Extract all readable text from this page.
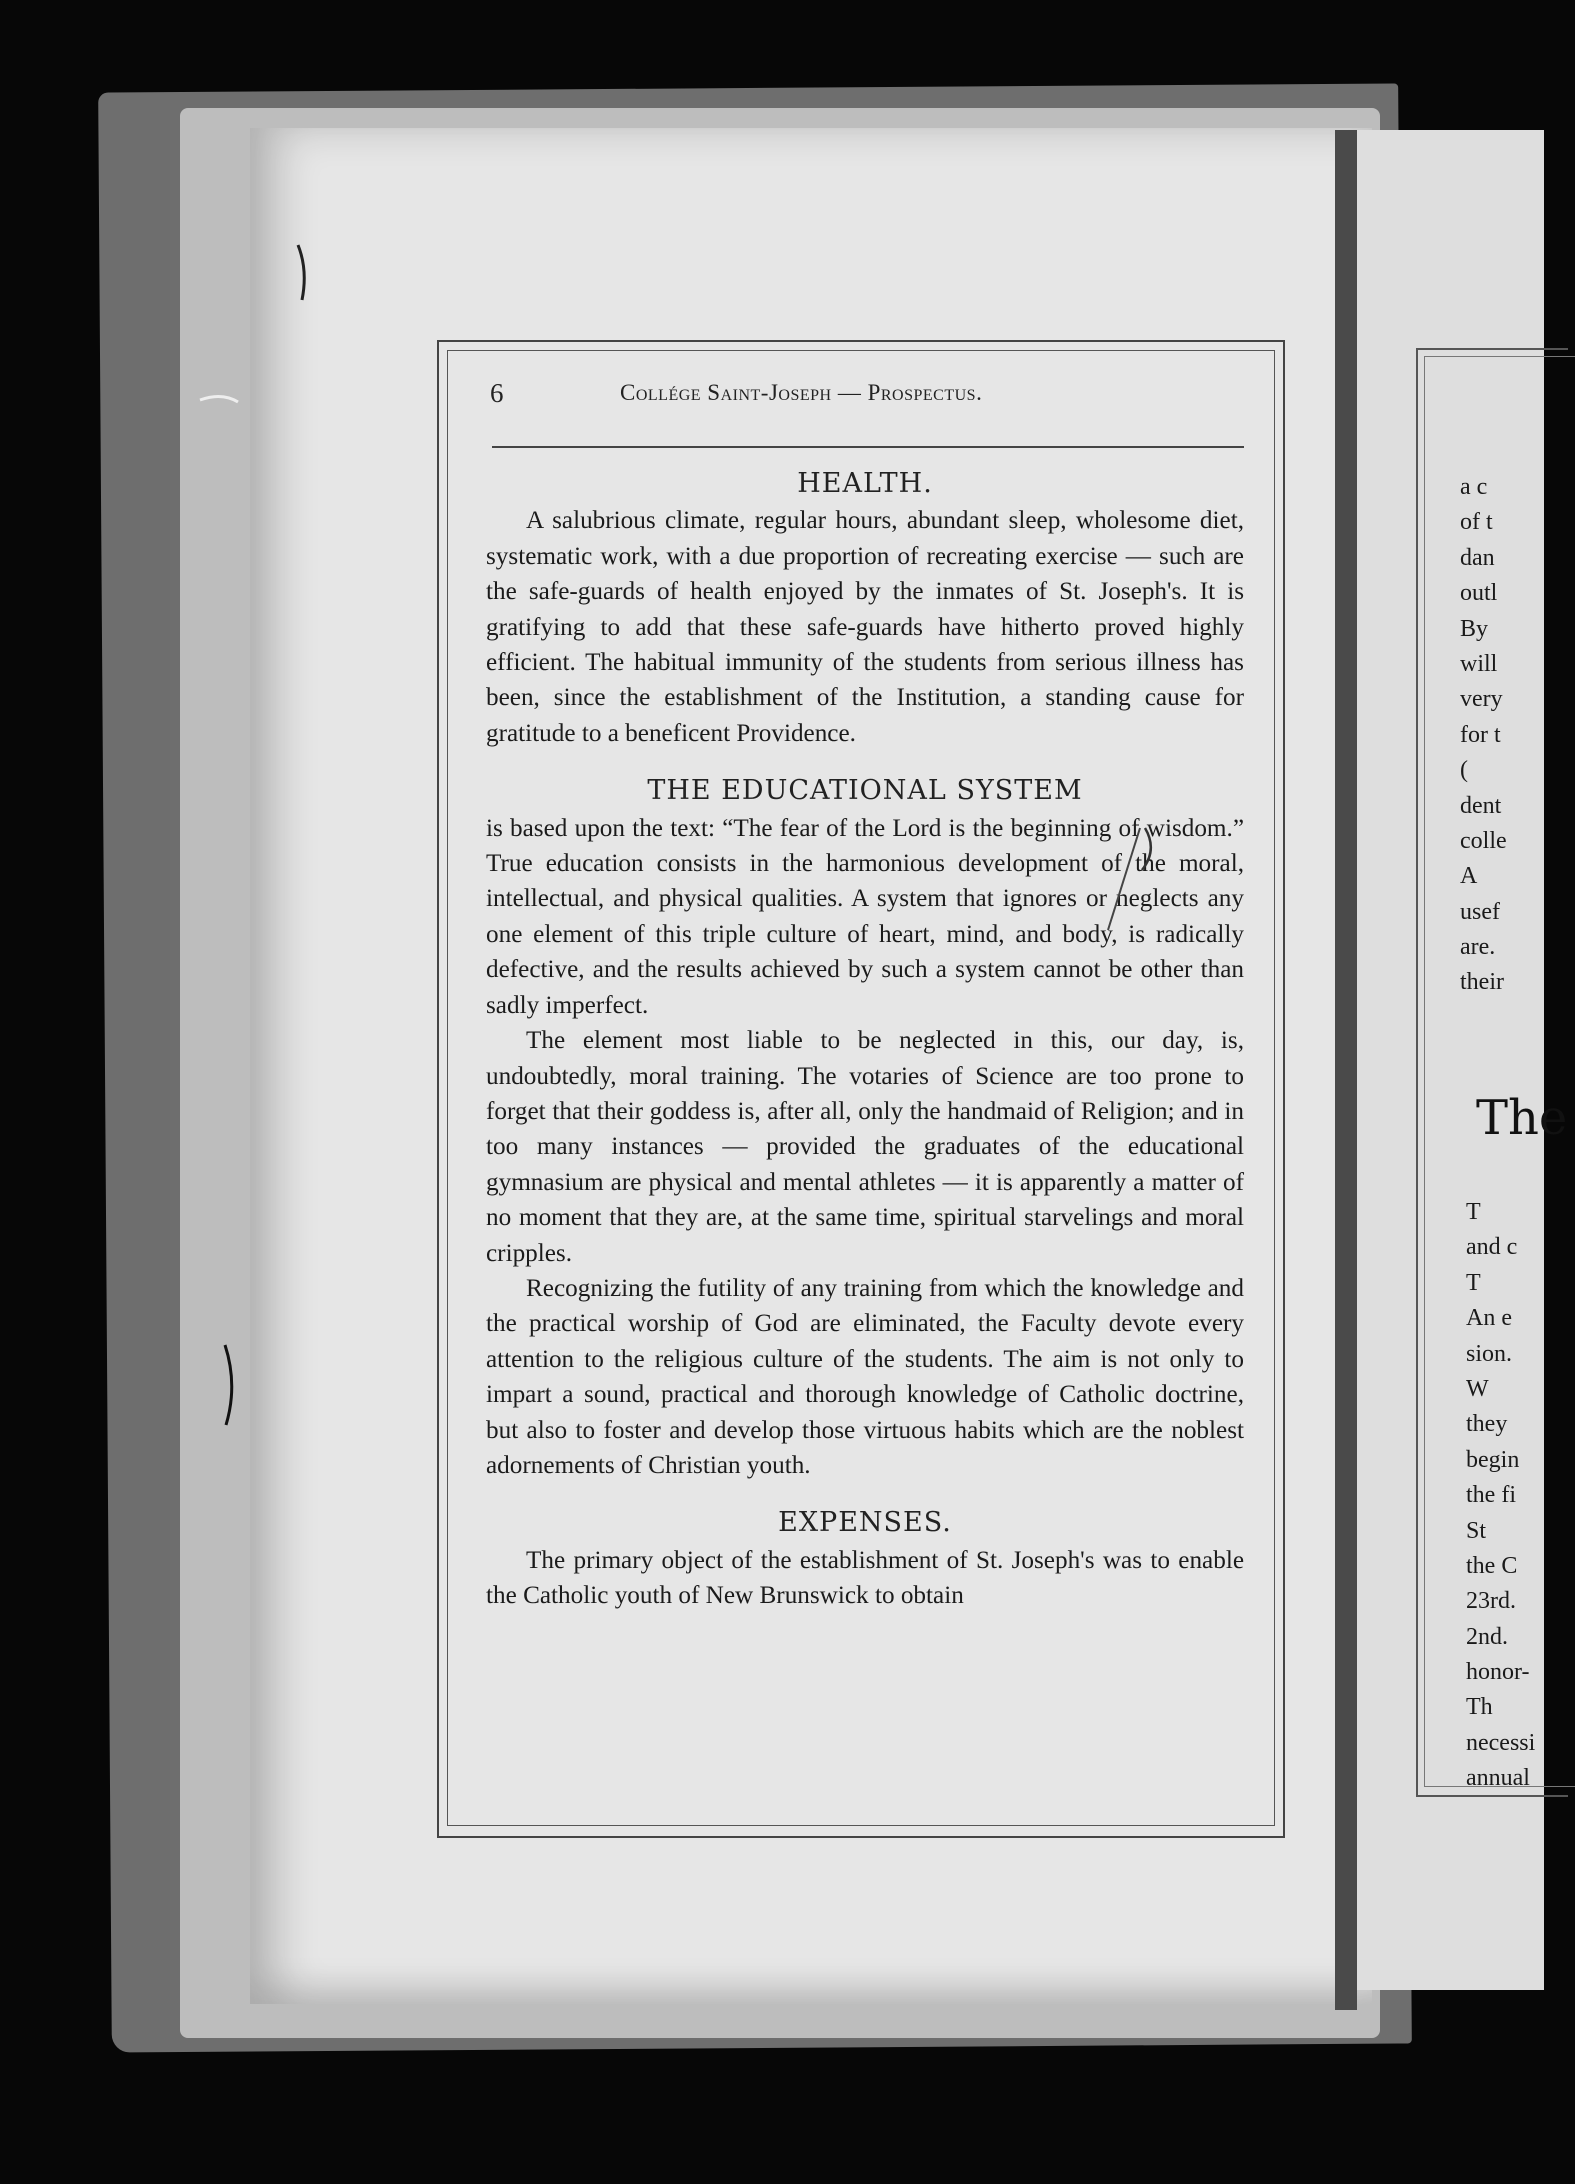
a c
of t
dan
outl
By
will
very
for t
(
dent
colle
A
usef
are.
their
The
T
and c
T
An e
sion.
W
they
begin
the fi
St
the C
23rd.
2nd.
honor-
Th
necessi
annual
6	Collége Saint-Joseph — Prospectus.
HEALTH.

A salubrious climate, regular hours, abundant sleep, wholesome diet, systematic work, with a due proportion of recreating exercise — such are the safe-guards of health enjoyed by the inmates of St. Joseph's. It is gratifying to add that these safe-guards have hitherto proved highly efficient. The habitual immunity of the students from serious illness has been, since the establishment of the Institution, a standing cause for gratitude to a beneficent Providence.

THE EDUCATIONAL SYSTEM

is based upon the text: “The fear of the Lord is the beginning of wisdom.” True education consists in the harmonious development of the moral, intellectual, and physical qualities. A system that ignores or neglects any one element of this triple culture of heart, mind, and body, is radically defective, and the results achieved by such a system cannot be other than sadly imperfect.

The element most liable to be neglected in this, our day, is, undoubtedly, moral training. The votaries of Science are too prone to forget that their goddess is, after all, only the handmaid of Religion; and in too many instances — provided the graduates of the educational gymnasium are physical and mental athletes — it is apparently a matter of no moment that they are, at the same time, spiritual starvelings and moral cripples.

Recognizing the futility of any training from which the knowledge and the practical worship of God are eliminated, the Faculty devote every attention to the religious culture of the students. The aim is not only to impart a sound, practical and thorough knowledge of Catholic doctrine, but also to foster and develop those virtuous habits which are the noblest adornements of Christian youth.

EXPENSES.

The primary object of the establishment of St. Joseph's was to enable the Catholic youth of New Brunswick to obtain
